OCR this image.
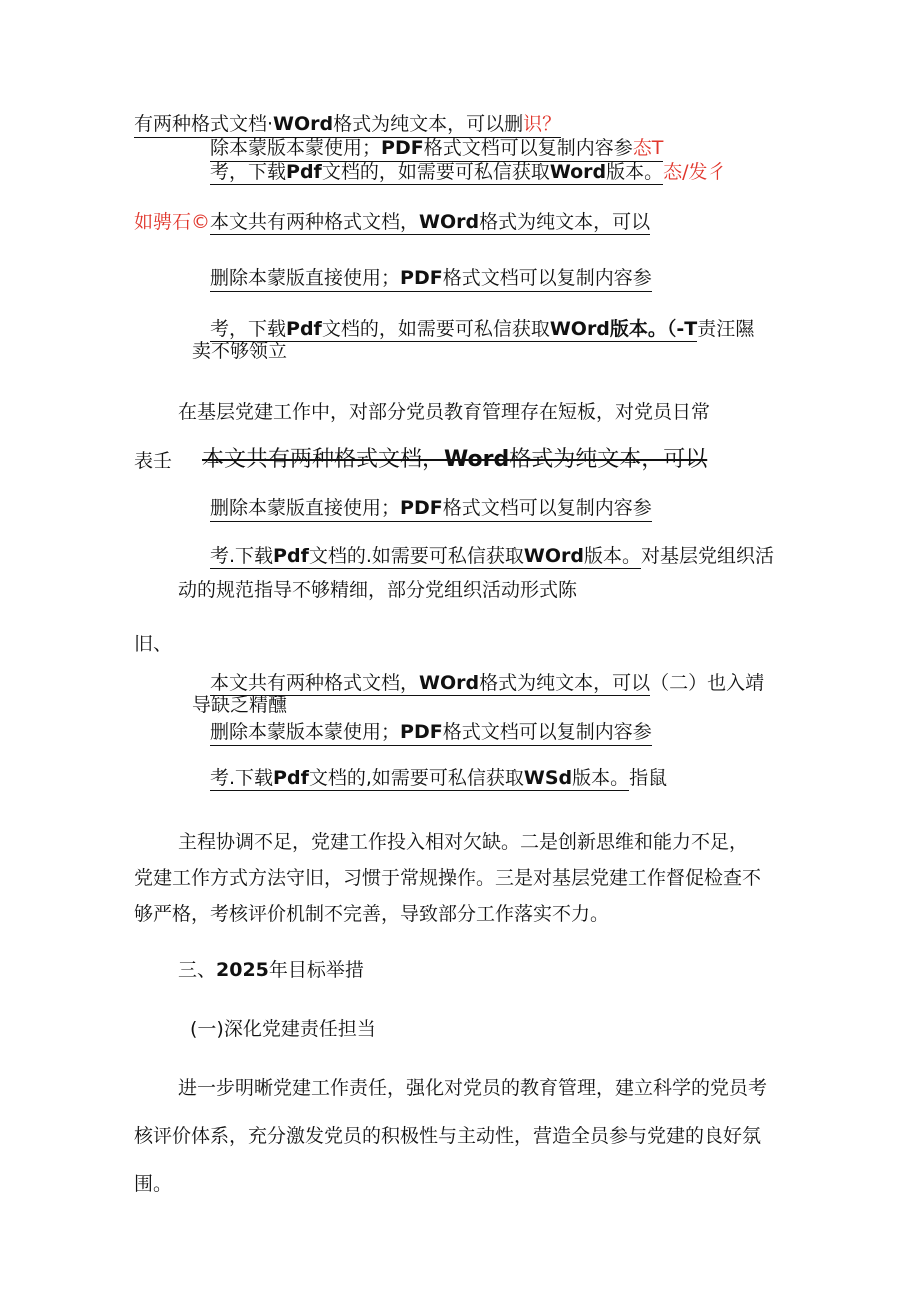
有两种格式文档·WOrd格式为纯文本，可以删识？
除本蒙版本蒙使用；PDF格式文档可以复制内容参态T
考，下载Pdf文档的，如需要可私信获取Word版本。态/发彳
如骋石©本文共有两种格式文档，WOrd格式为纯文本，可以
删除本蒙版直接使用；PDF格式文档可以复制内容参
考，下载Pdf文档的，如需要可私信获取WOrd版本。（-T责汪隰
卖不够领立
在基层党建工作中，对部分党员教育管理存在短板，对党员日常
表壬 本文共有两种格式文档，Word格式为纯文本，可以
删除本蒙版直接使用；PDF格式文档可以复制内容参
考.下载Pdf文档的.如需要可私信获取WOrd版本。对基层党组织活
动的规范指导不够精细，部分党组织活动形式陈
旧、
本文共有两种格式文档，WOrd格式为纯文本，可以（二）也入靖
导缺乏精醺
删除本蒙版本蒙使用；PDF格式文档可以复制内容参
考.下载Pdf文档的,如需要可私信获取WSd版本。指鼠
主程协调不足，党建工作投入相对欠缺。二是创新思维和能力不足，
党建工作方式方法守旧，习惯于常规操作。三是对基层党建工作督促检查不
够严格，考核评价机制不完善，导致部分工作落实不力。
三、2025年目标举措
(一)深化党建责任担当
进一步明晰党建工作责任，强化对党员的教育管理，建立科学的党员考
核评价体系，充分激发党员的积极性与主动性，营造全员参与党建的良好氛
围。
